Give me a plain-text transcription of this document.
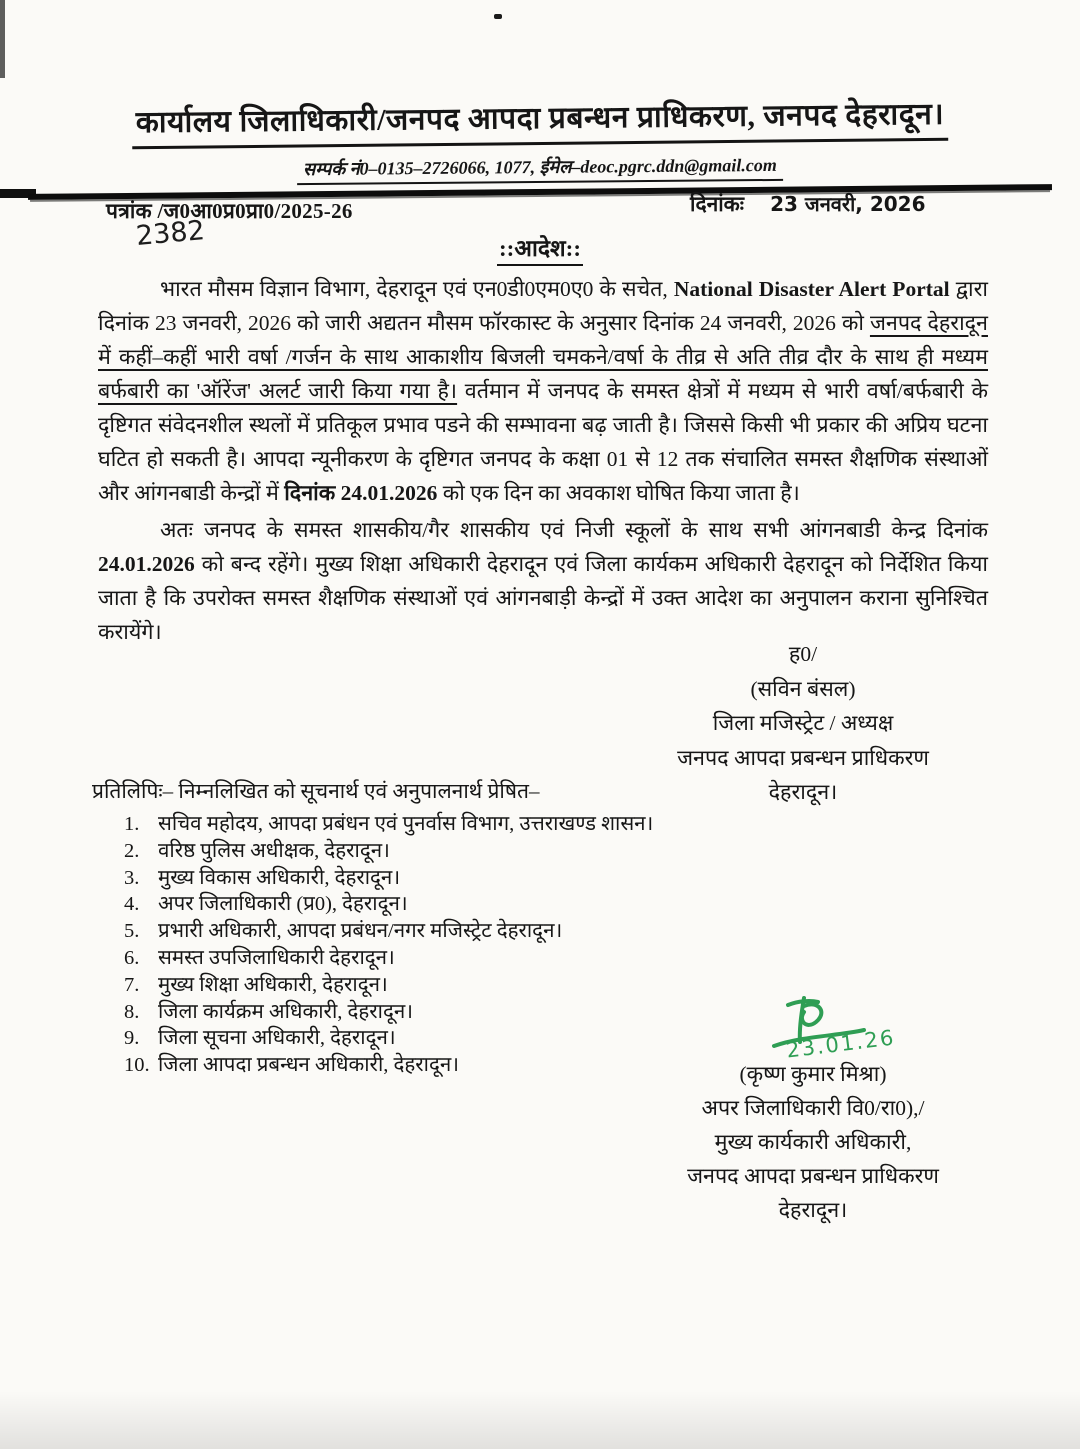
कार्यालय जिलाधिकारी/जनपद आपदा प्रबन्धन प्राधिकरण, जनपद देहरादून।
सम्पर्क नं0–0135–2726066, 1077, ईमेल–deoc.pgrc.ddn@gmail.com
पत्रांक /ज0आ0प्र0प्रा0/2025-26	दिनांकः 23 जनवरी, 2026
2382	::आदेश::

भारत मौसम विज्ञान विभाग, देहरादून एवं एन0डी0एम0ए0 के सचेत, National Disaster Alert Portal द्वारा दिनांक 23 जनवरी, 2026 को जारी अद्यतन मौसम फॉरकास्ट के अनुसार दिनांक 24 जनवरी, 2026 को जनपद देहरादून में कहीं–कहीं भारी वर्षा /गर्जन के साथ आकाशीय बिजली चमकने/वर्षा के तीव्र से अति तीव्र दौर के साथ ही मध्यम बर्फबारी का 'ऑरेंज' अलर्ट जारी किया गया है। वर्तमान में जनपद के समस्त क्षेत्रों में मध्यम से भारी वर्षा/बर्फबारी के दृष्टिगत संवेदनशील स्थलों में प्रतिकूल प्रभाव पडने की सम्भावना बढ़ जाती है। जिससे किसी भी प्रकार की अप्रिय घटना घटित हो सकती है। आपदा न्यूनीकरण के दृष्टिगत जनपद के कक्षा 01 से 12 तक संचालित समस्त शैक्षणिक संस्थाओं और आंगनबाडी केन्द्रों में दिनांक 24.01.2026 को एक दिन का अवकाश घोषित किया जाता है।

अतः जनपद के समस्त शासकीय/गैर शासकीय एवं निजी स्कूलों के साथ सभी आंगनबाडी केन्द्र दिनांक 24.01.2026 को बन्द रहेंगे। मुख्य शिक्षा अधिकारी देहरादून एवं जिला कार्यकम अधिकारी देहरादून को निर्देशित किया जाता है कि उपरोक्त समस्त शैक्षणिक संस्थाओं एवं आंगनबाड़ी केन्द्रों में उक्त आदेश का अनुपालन कराना सुनिश्चित करायेंगे।

ह0/
(सविन बंसल)
जिला मजिस्ट्रेट / अध्यक्ष
जनपद आपदा प्रबन्धन प्राधिकरण
देहरादून।

प्रतिलिपिः– निम्नलिखित को सूचनार्थ एवं अनुपालनार्थ प्रेषित–

1. सचिव महोदय, आपदा प्रबंधन एवं पुनर्वास विभाग, उत्तराखण्ड शासन।
2. वरिष्ठ पुलिस अधीक्षक, देहरादून।
3. मुख्य विकास अधिकारी, देहरादून।
4. अपर जिलाधिकारी (प्र0), देहरादून।
5. प्रभारी अधिकारी, आपदा प्रबंधन/नगर मजिस्ट्रेट देहरादून।
6. समस्त उपजिलाधिकारी देहरादून।
7. मुख्य शिक्षा अधिकारी, देहरादून।
8. जिला कार्यक्रम अधिकारी, देहरादून।
9. जिला सूचना अधिकारी, देहरादून।
10. जिला आपदा प्रबन्धन अधिकारी, देहरादून।
23.01.26
(कृष्ण कुमार मिश्रा)
अपर जिलाधिकारी वि0/रा0),/
मुख्य कार्यकारी अधिकारी,
जनपद आपदा प्रबन्धन प्राधिकरण
देहरादून।
